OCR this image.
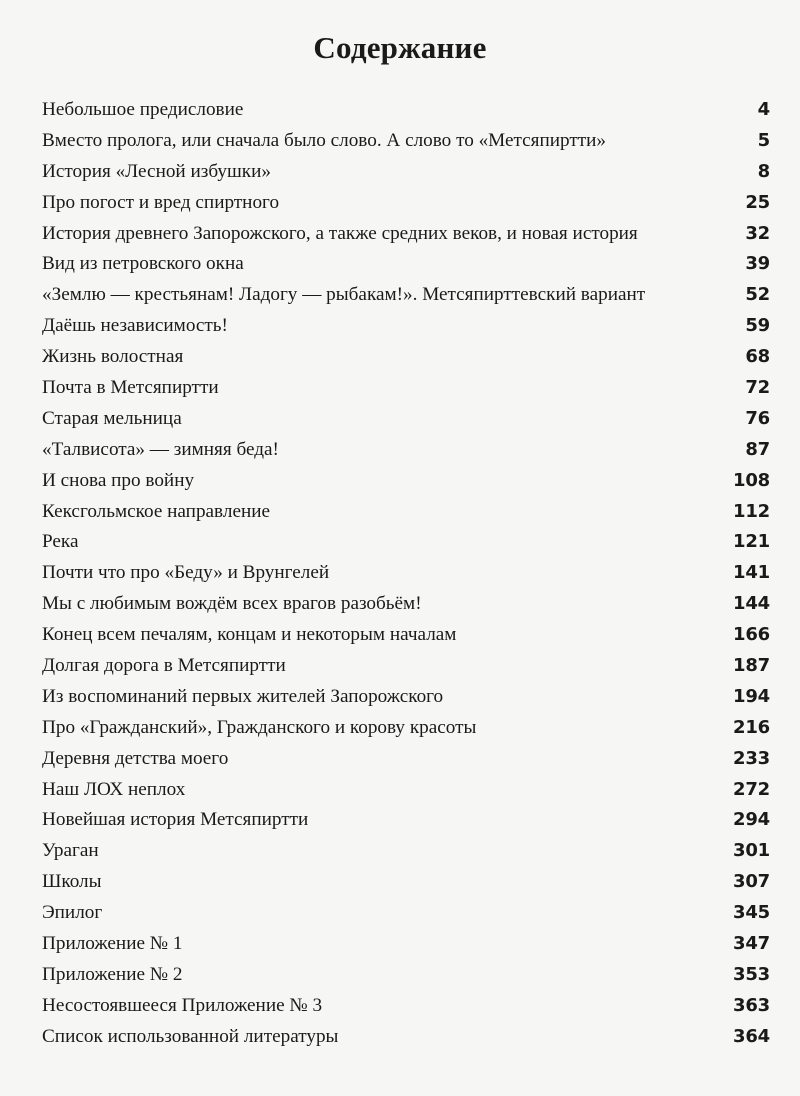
Содержание
Небольшое предисловие	4
Вместо пролога, или сначала было слово. А слово то «Метсяпиртти»	5
История «Лесной избушки»	8
Про погост и вред спиртного	25
История древнего Запорожского, а также средних веков, и новая история	32
Вид из петровского окна	39
«Землю — крестьянам! Ладогу — рыбакам!». Метсяпирттевский вариант	52
Даёшь независимость!	59
Жизнь волостная	68
Почта в Метсяпиртти	72
Старая мельница	76
«Талвисота» — зимняя беда!	87
И снова про войну	108
Кексгольмское направление	112
Река	121
Почти что про «Беду» и Врунгелей	141
Мы с любимым вождём всех врагов разобьём!	144
Конец всем печалям, концам и некоторым началам	166
Долгая дорога в Метсяпиртти	187
Из воспоминаний первых жителей Запорожского	194
Про «Гражданский», Гражданского и корову красоты	216
Деревня детства моего	233
Наш ЛОХ неплох	272
Новейшая история Метсяпиртти	294
Ураган	301
Школы	307
Эпилог	345
Приложение № 1	347
Приложение № 2	353
Несостоявшееся Приложение № 3	363
Список использованной литературы	364
